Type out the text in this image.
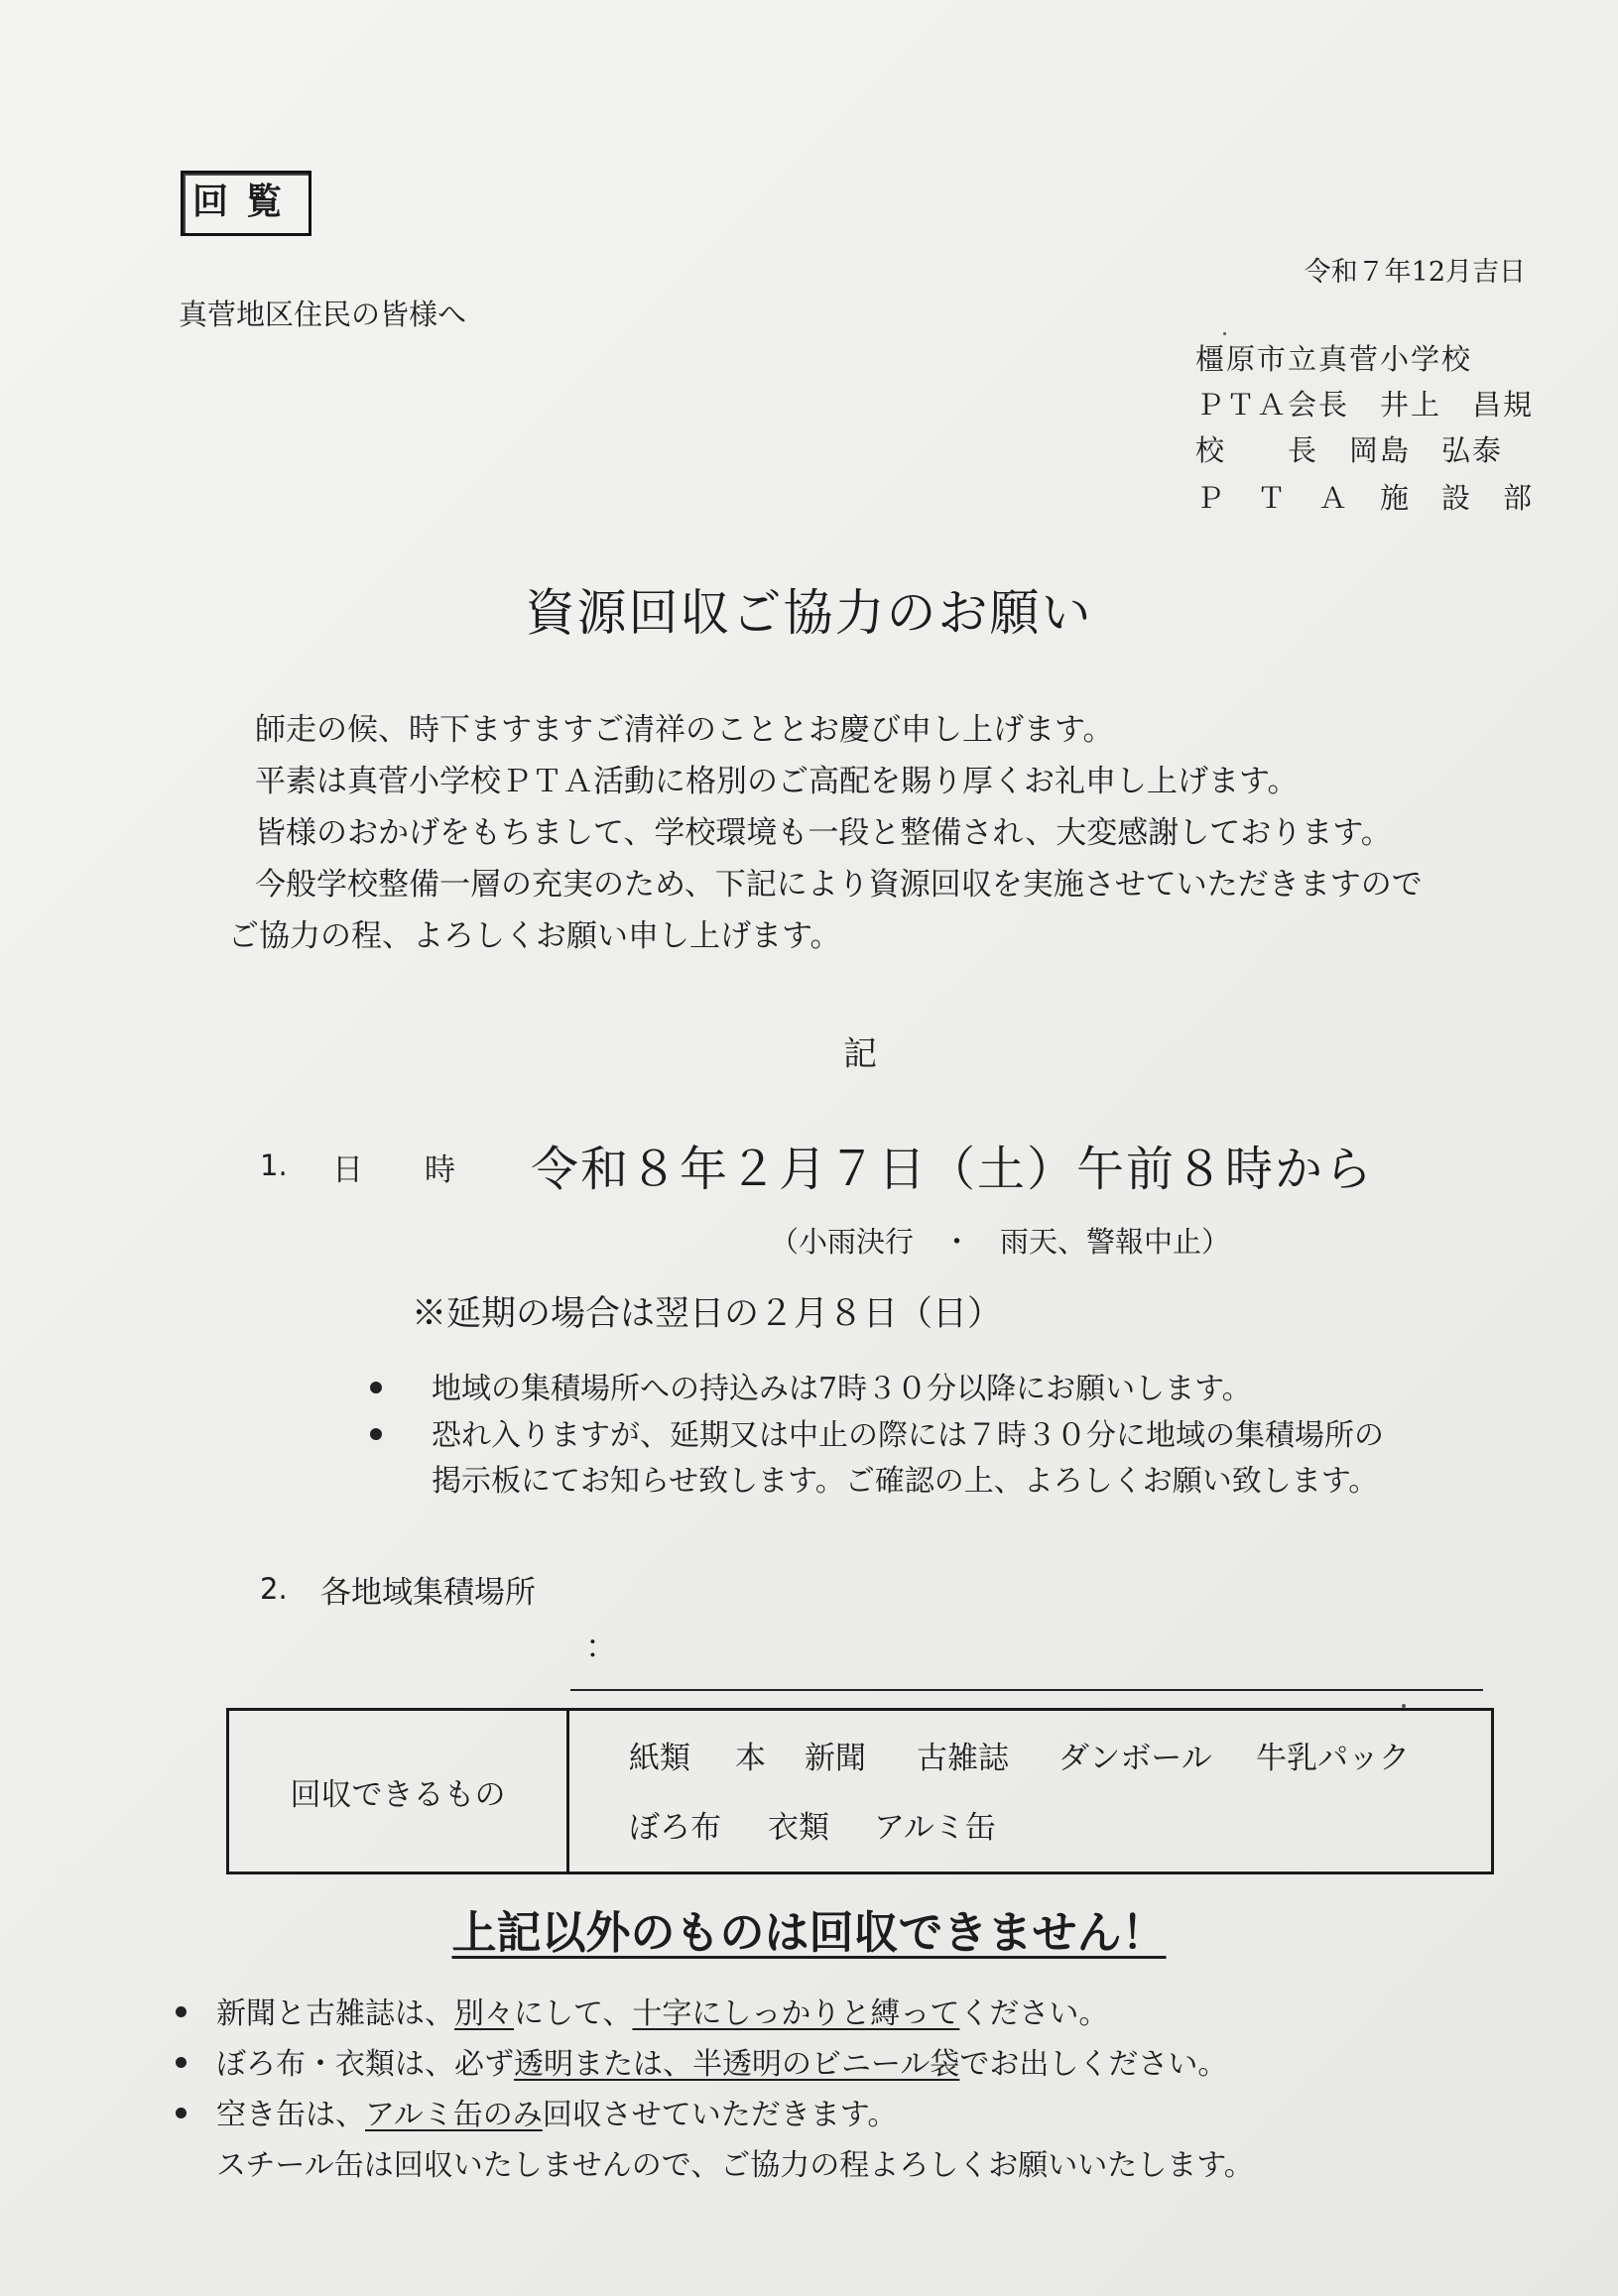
回覧
令和７年12月吉日
真菅地区住民の皆様へ
橿原市立真菅小学校
ＰＴＡ会長　井上　昌規
校　　長　岡島　弘泰
Ｐ　Ｔ　Ａ　施　設　部
資源回収ご協力のお願い
師走の候、時下ますますご清祥のこととお慶び申し上げます。
平素は真菅小学校ＰＴＡ活動に格別のご高配を賜り厚くお礼申し上げます。
皆様のおかげをもちまして、学校環境も一段と整備され、大変感謝しております。
今般学校整備一層の充実のため、下記により資源回収を実施させていただきますので
ご協力の程、よろしくお願い申し上げます。
記
1. 日　　時 令和８年２月７日（土）午前８時から
（小雨決行　・　雨天、警報中止）
※延期の場合は翌日の２月８日（日）
地域の集積場所への持込みは7時３０分以降にお願いします。
恐れ入りますが、延期又は中止の際には７時３０分に地域の集積場所の
掲示板にてお知らせ致します。ご確認の上、よろしくお願い致します。
2. 各地域集積場所
：
回収できるもの
紙類 本 新聞 古雑誌 ダンボール 牛乳パック
ぼろ布 衣類 アルミ缶
上記以外のものは回収できません！
新聞と古雑誌は、別々にして、十字にしっかりと縛ってください。
ぼろ布・衣類は、必ず透明または、半透明のビニール袋でお出しください。
空き缶は、アルミ缶のみ回収させていただきます。
スチール缶は回収いたしませんので、ご協力の程よろしくお願いいたします。
